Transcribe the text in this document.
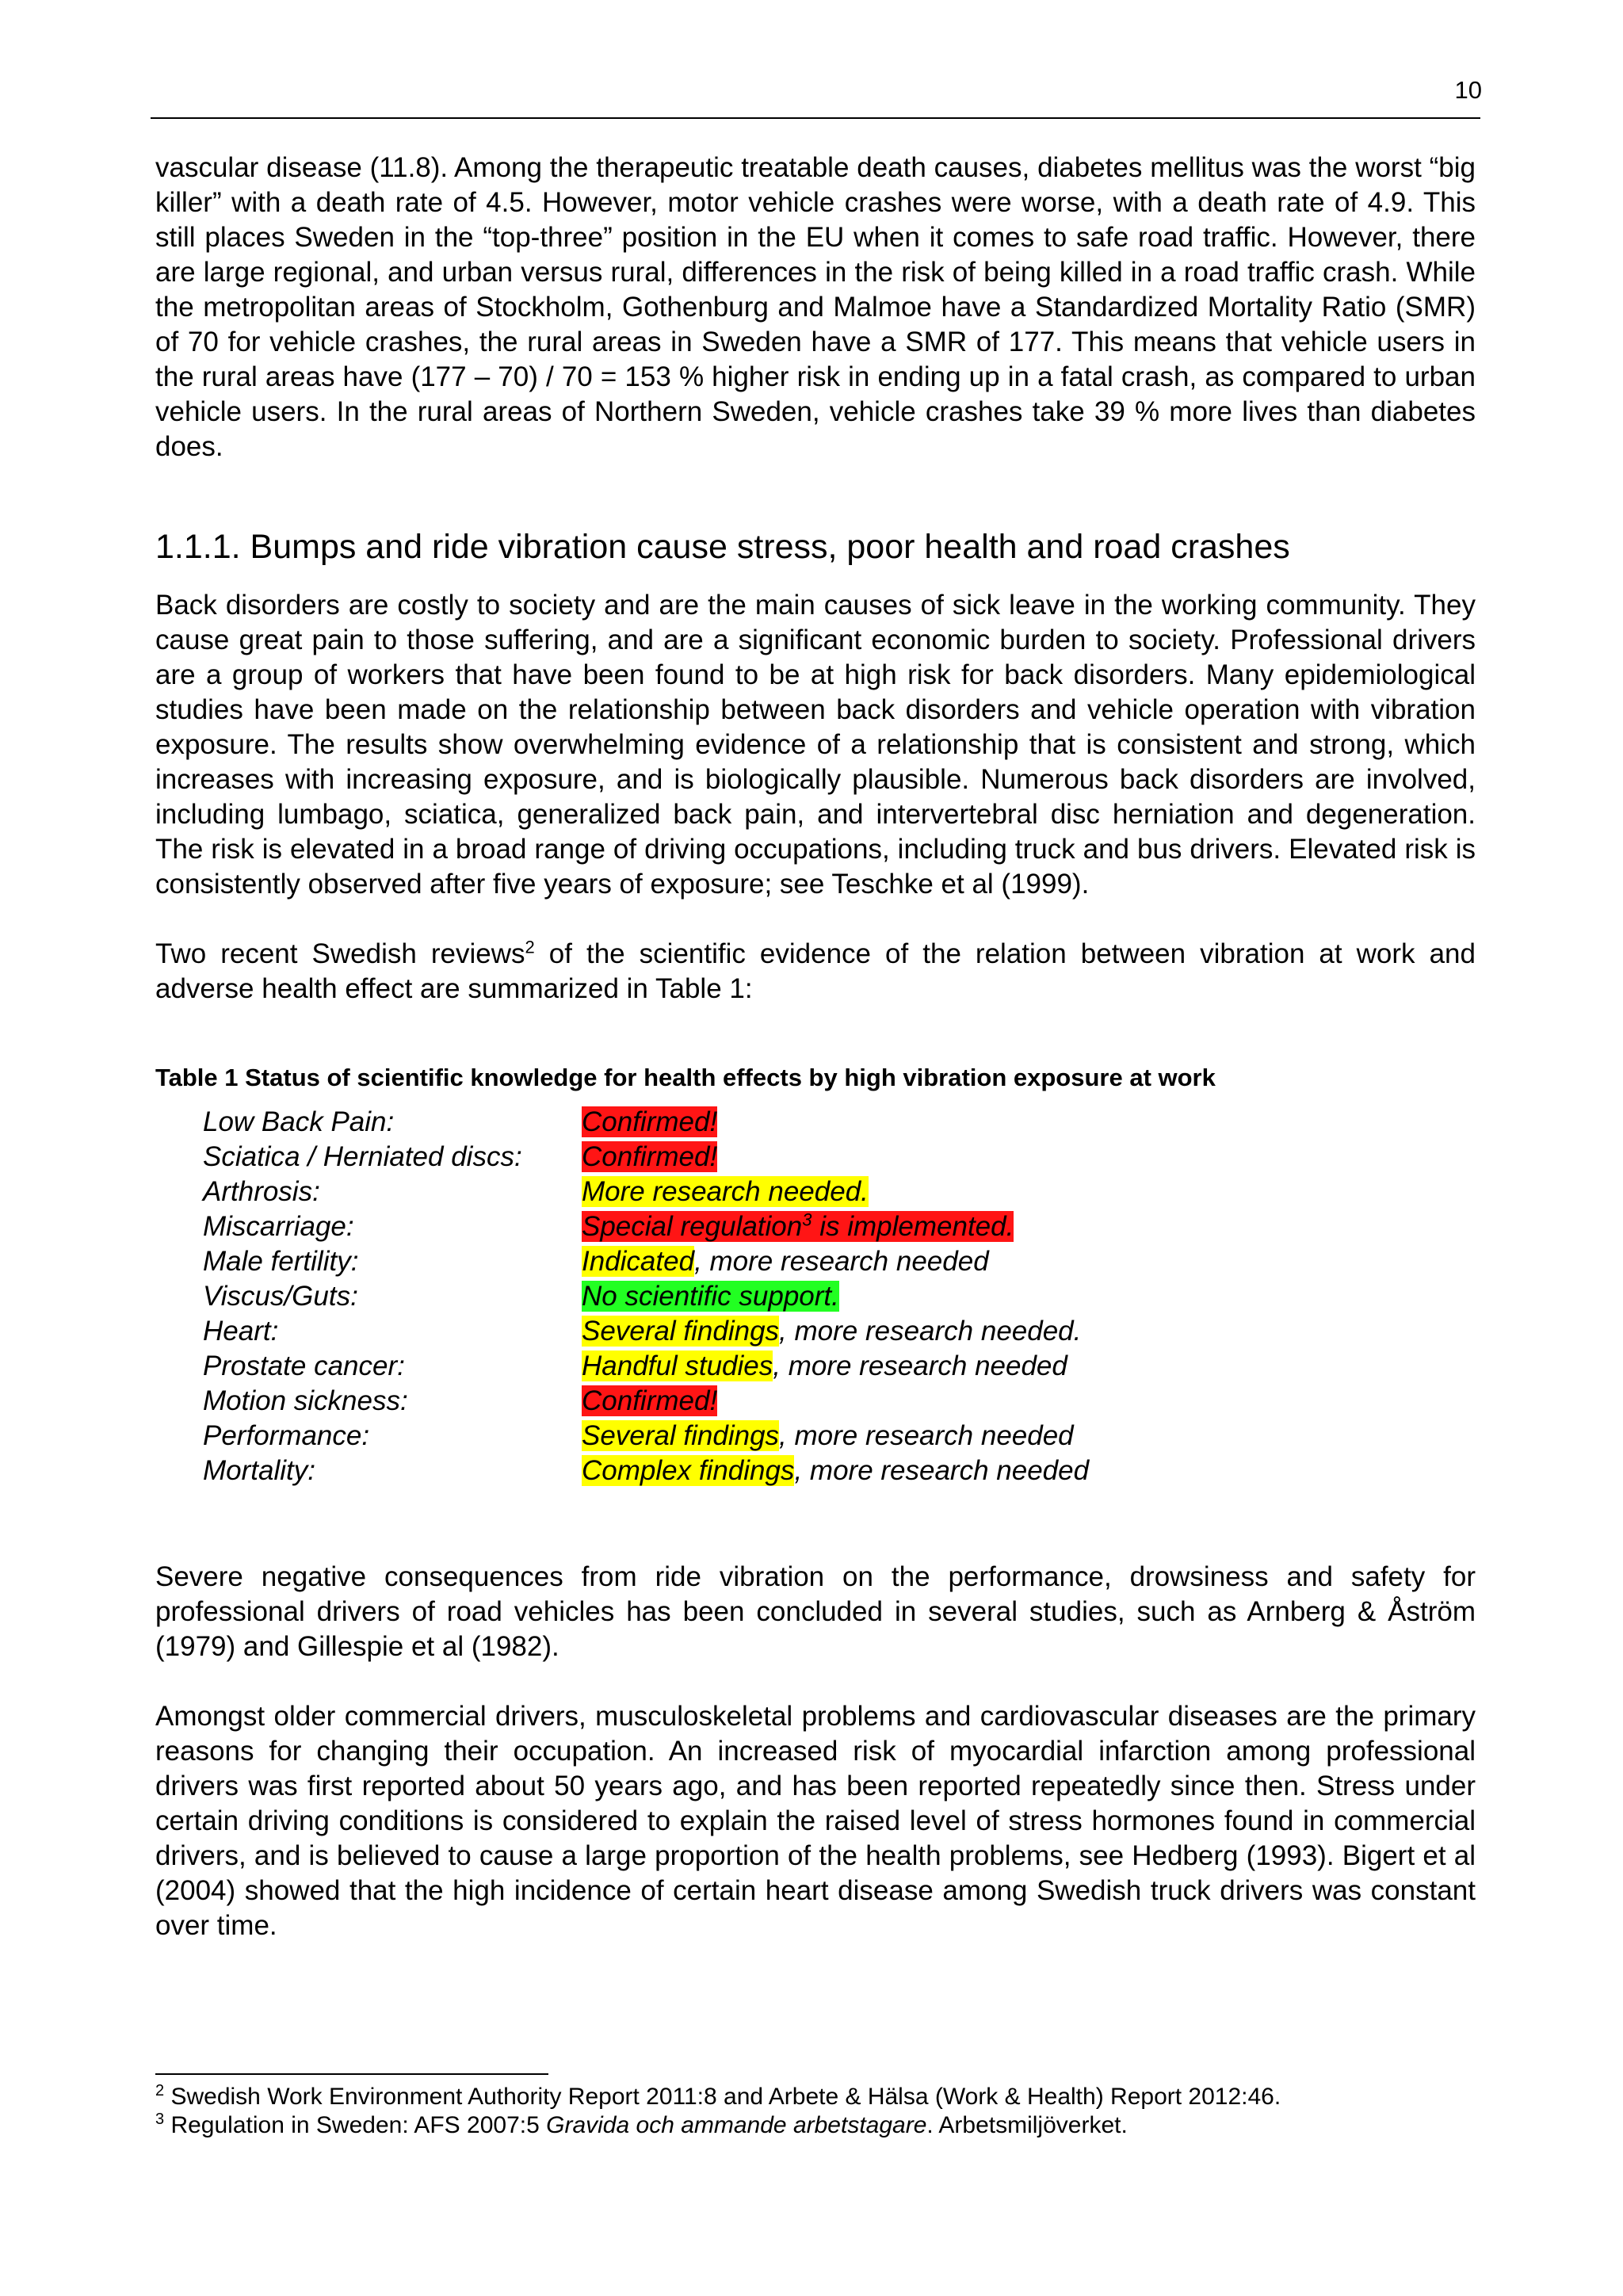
10

vascular disease (11.8). Among the therapeutic treatable death causes, diabetes mellitus was the worst “big killer” with a death rate of 4.5. However, motor vehicle crashes were worse, with a death rate of 4.9. This still places Sweden in the “top-three” position in the EU when it comes to safe road traffic. However, there are large regional, and urban versus rural, differences in the risk of being killed in a road traffic crash. While the metropolitan areas of Stockholm, Gothenburg and Malmoe have a Standardized Mortality Ratio (SMR) of 70 for vehicle crashes, the rural areas in Sweden have a SMR of 177. This means that vehicle users in the rural areas have (177 – 70) / 70 = 153 % higher risk in ending up in a fatal crash, as compared to urban vehicle users. In the rural areas of Northern Sweden, vehicle crashes take 39 % more lives than diabetes does.

1.1.1. Bumps and ride vibration cause stress, poor health and road crashes

Back disorders are costly to society and are the main causes of sick leave in the working community. They cause great pain to those suffering, and are a significant economic burden to society. Professional drivers are a group of workers that have been found to be at high risk for back disorders. Many epidemiological studies have been made on the relationship between back disorders and vehicle operation with vibration exposure. The results show overwhelming evidence of a relationship that is consistent and strong, which increases with increasing exposure, and is biologically plausible. Numerous back disorders are involved, including lumbago, sciatica, generalized back pain, and intervertebral disc herniation and degeneration. The risk is elevated in a broad range of driving occupations, including truck and bus drivers. Elevated risk is consistently observed after five years of exposure; see Teschke et al (1999).

Two recent Swedish reviews$^2$ of the scientific evidence of the relation between vibration at work and adverse health effect are summarized in Table 1:

Table 1 Status of scientific knowledge for health effects by high vibration exposure at work
Low Back Pain:	Confirmed!
Sciatica / Herniated discs:	Confirmed!
Arthrosis:	More research needed.
Miscarriage:	Special regulation$^3$ is implemented.
Male fertility:	Indicated, more research needed
Viscus/Guts:	No scientific support.
Heart:	Several findings, more research needed.
Prostate cancer:	Handful studies, more research needed
Motion sickness:	Confirmed!
Performance:	Several findings, more research needed
Mortality:	Complex findings, more research needed

Severe negative consequences from ride vibration on the performance, drowsiness and safety for professional drivers of road vehicles has been concluded in several studies, such as Arnberg & Åström (1979) and Gillespie et al (1982).

Amongst older commercial drivers, musculoskeletal problems and cardiovascular diseases are the primary reasons for changing their occupation. An increased risk of myocardial infarction among professional drivers was first reported about 50 years ago, and has been reported repeatedly since then. Stress under certain driving conditions is considered to explain the raised level of stress hormones found in commercial drivers, and is believed to cause a large proportion of the health problems, see Hedberg (1993). Bigert et al (2004) showed that the high incidence of certain heart disease among Swedish truck drivers was constant over time.

$^2$ Swedish Work Environment Authority Report 2011:8 and Arbete & Hälsa (Work & Health) Report 2012:46.
$^3$ Regulation in Sweden: AFS 2007:5 Gravida och ammande arbetstagare. Arbetsmiljöverket.
